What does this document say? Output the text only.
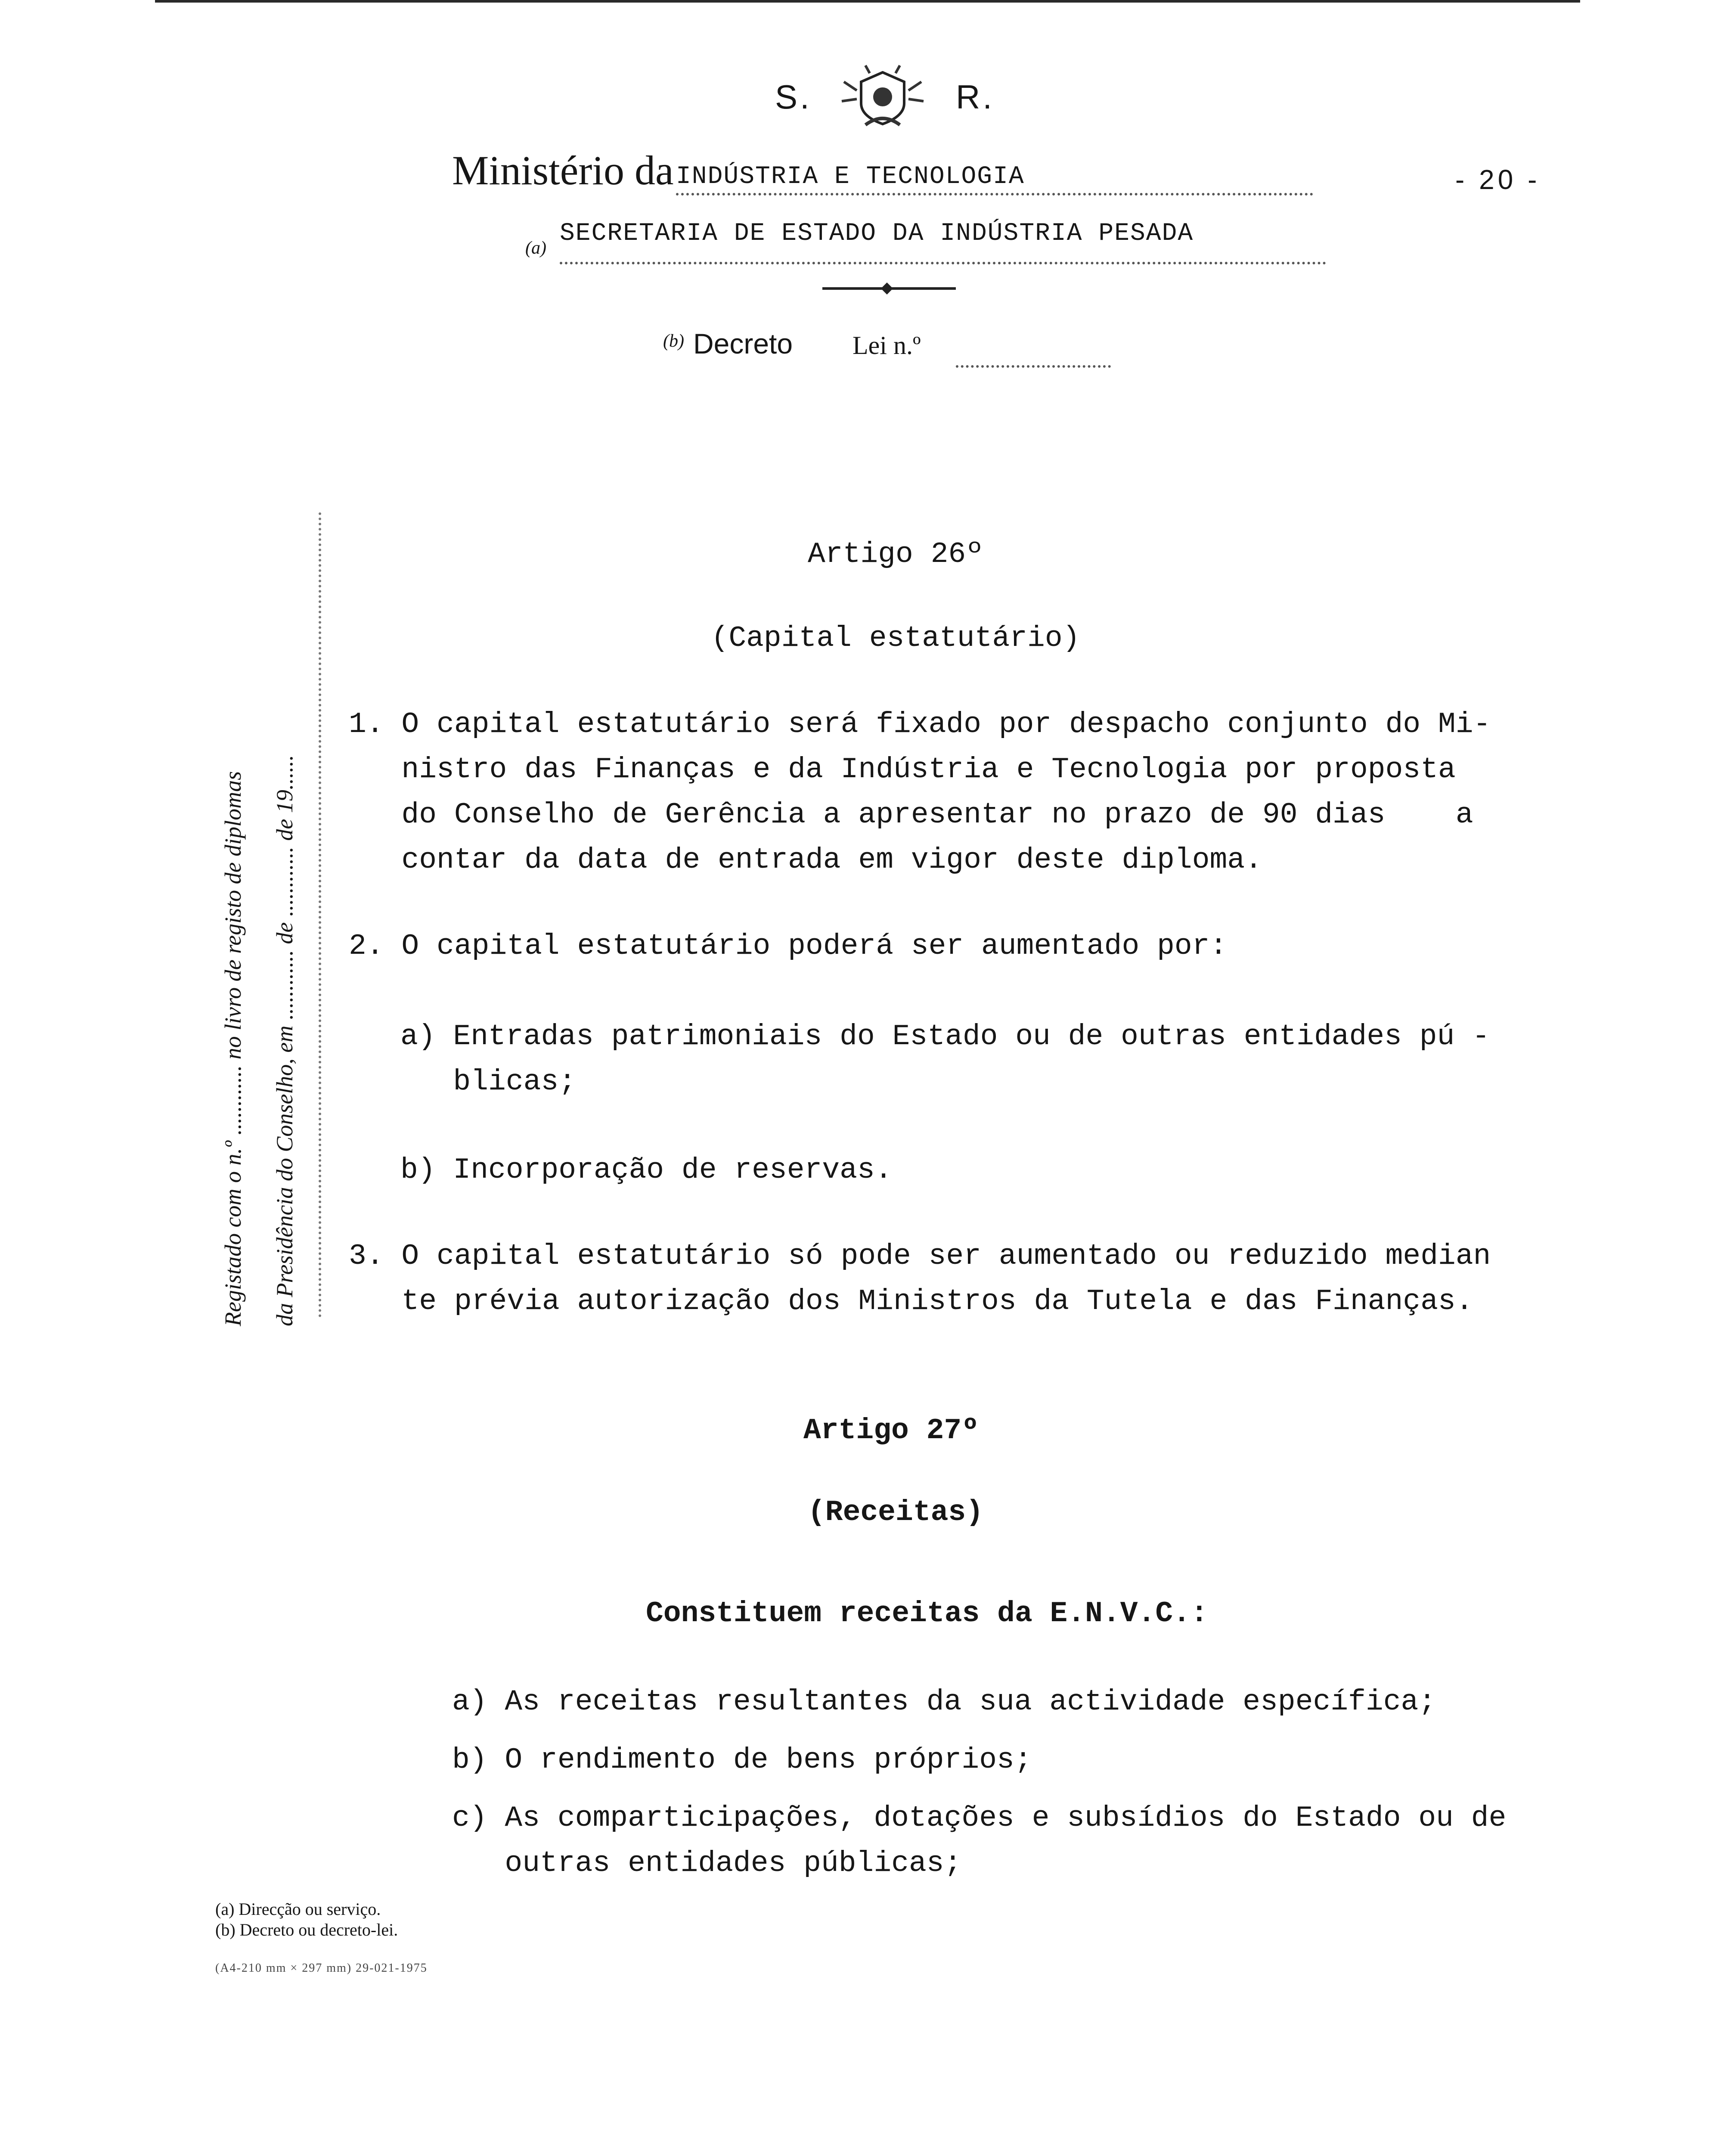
S.	R.
Ministério da INDÚSTRIA E TECNOLOGIA	- 20 -
(a)
SECRETARIA DE ESTADO DA INDÚSTRIA PESADA
(b) Decreto Lei n.º
Registado com o n.º ............ no livro de registo de diplomas	da Presidência do Conselho, em ............ de ............ de 19......
Artigo 26º
(Capital estatutário)
1. O capital estatutário será fixado por despacho conjunto do Mi-
nistro das Finanças e da Indústria e Tecnologia por proposta
do Conselho de Gerência a apresentar no prazo de 90 dias    a
contar da data de entrada em vigor deste diploma.
2. O capital estatutário poderá ser aumentado por:
a) Entradas patrimoniais do Estado ou de outras entidades pú -
blicas;
b) Incorporação de reservas.
3. O capital estatutário só pode ser aumentado ou reduzido median
te prévia autorização dos Ministros da Tutela e das Finanças.
Artigo 27º
(Receitas)
Constituem receitas da E.N.V.C.:
a) As receitas resultantes da sua actividade específica;
b) O rendimento de bens próprios;
c) As comparticipações, dotações e subsídios do Estado ou de
outras entidades públicas;
(a) Direcção ou serviço.
(b) Decreto ou decreto-lei.
(A4-210 mm × 297 mm) 29-021-1975
